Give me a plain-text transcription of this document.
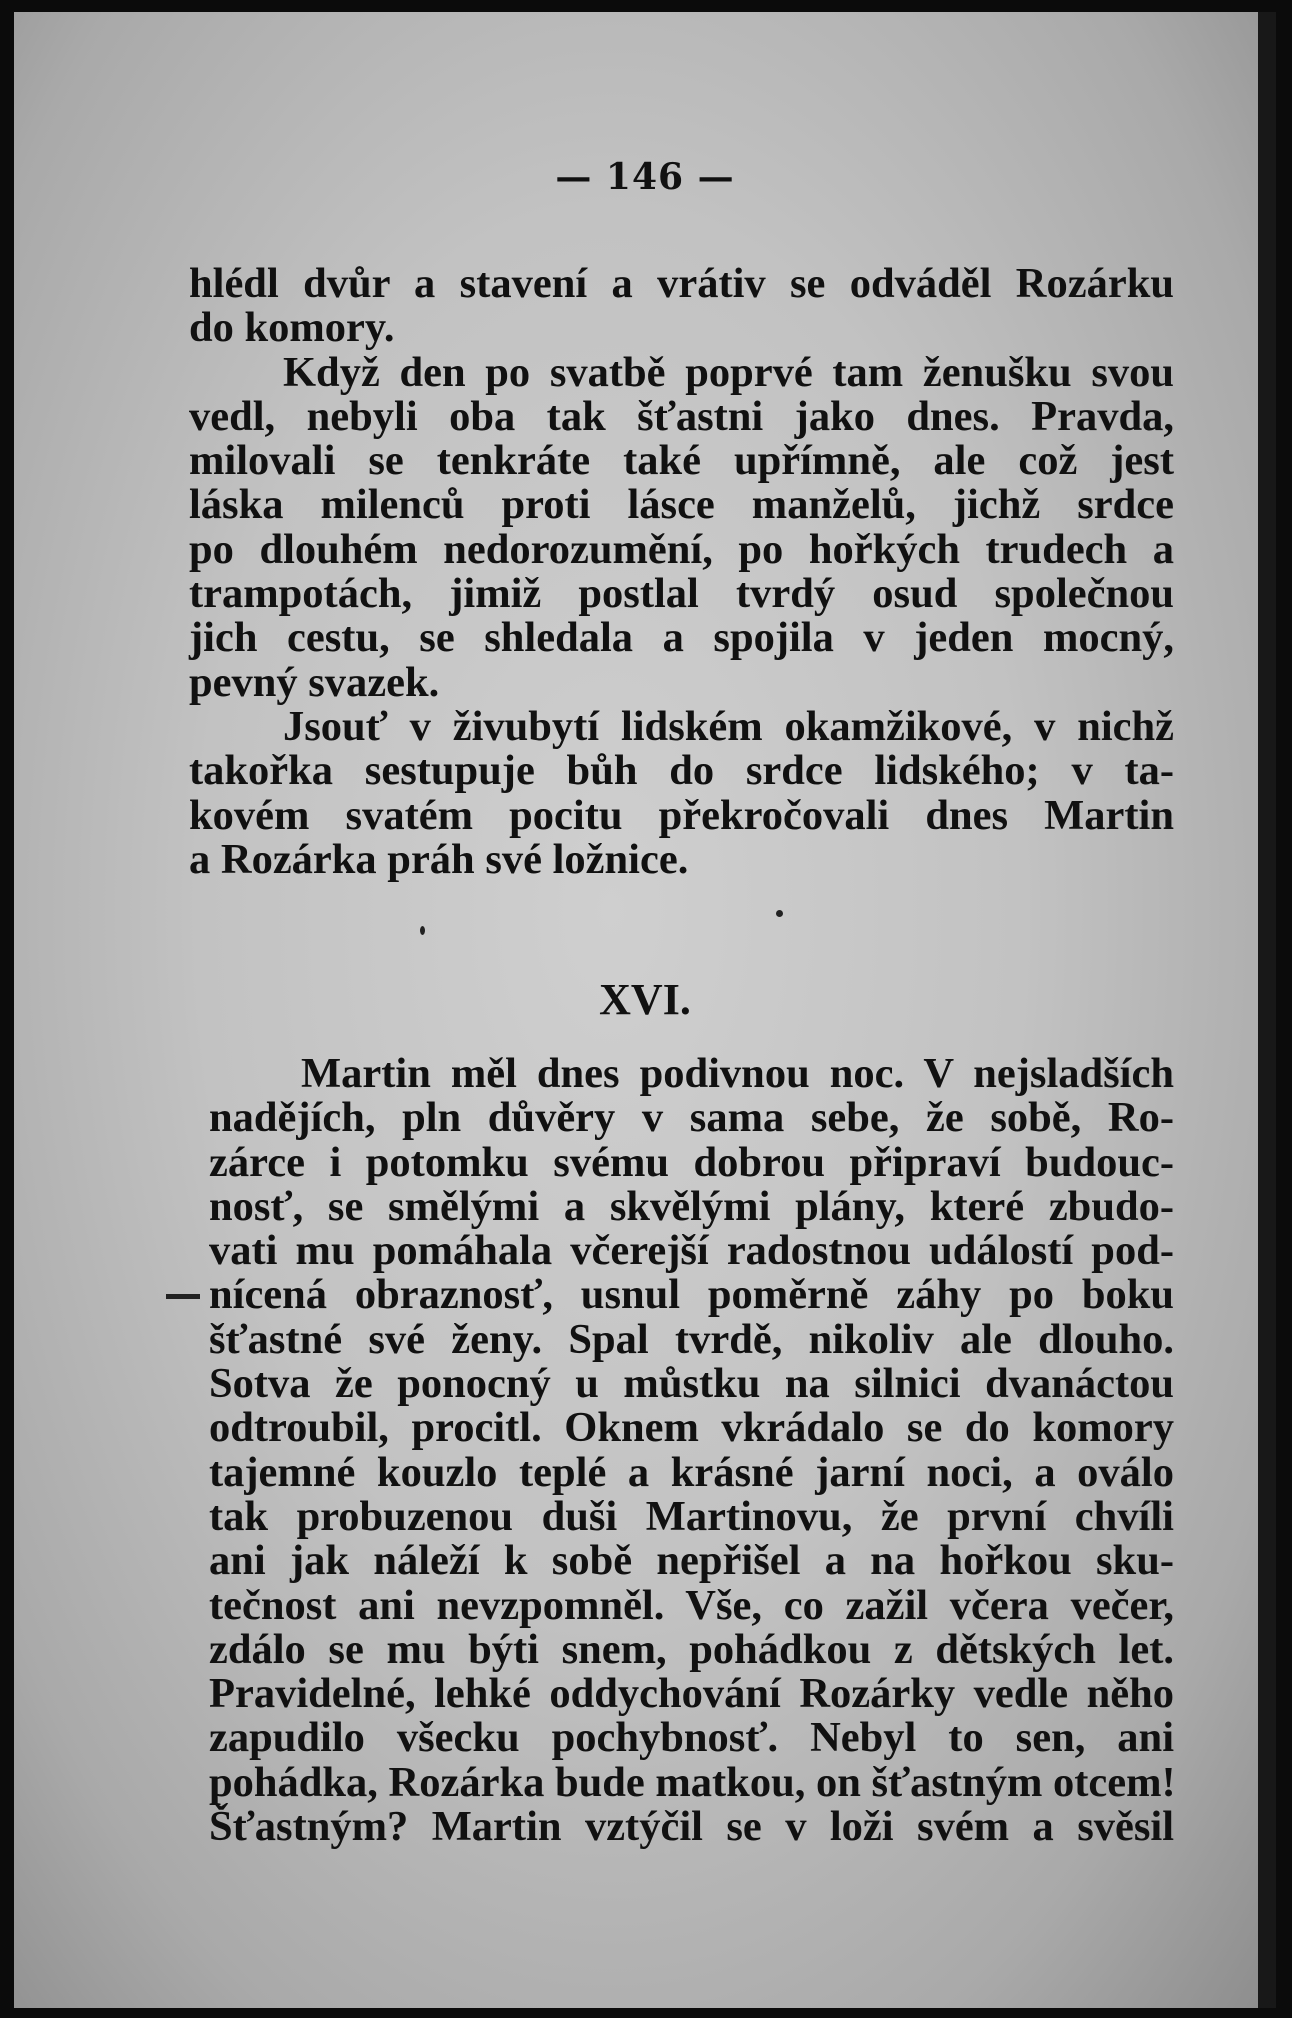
— 146 —
hlédl dvůr a stavení a vrátiv se odváděl Rozárku
do komory.
Když den po svatbě poprvé tam ženušku svou
vedl, nebyli oba tak šťastni jako dnes. Pravda,
milovali se tenkráte také upřímně, ale což jest
láska milenců proti lásce manželů, jichž srdce
po dlouhém nedorozumění, po hořkých trudech a
trampotách, jimiž postlal tvrdý osud společnou
jich cestu, se shledala a spojila v jeden mocný,
pevný svazek.
Jsouť v živubytí lidském okamžikové, v nichž
takořka sestupuje bůh do srdce lidského; v ta-
kovém svatém pocitu překročovali dnes Martin
a Rozárka práh své ložnice.
XVI.
Martin měl dnes podivnou noc. V nejsladších
nadějích, pln důvěry v sama sebe, že sobě, Ro-
zárce i potomku svému dobrou připraví budouc-
nosť, se smělými a skvělými plány, které zbudo-
vati mu pomáhala včerejší radostnou událostí pod-
nícená obraznosť, usnul poměrně záhy po boku
šťastné své ženy. Spal tvrdě, nikoliv ale dlouho.
Sotva že ponocný u můstku na silnici dvanáctou
odtroubil, procitl. Oknem vkrádalo se do komory
tajemné kouzlo teplé a krásné jarní noci, a oválo
tak probuzenou duši Martinovu, že první chvíli
ani jak náleží k sobě nepřišel a na hořkou sku-
tečnost ani nevzpomněl. Vše, co zažil včera večer,
zdálo se mu býti snem, pohádkou z dětských let.
Pravidelné, lehké oddychování Rozárky vedle něho
zapudilo všecku pochybnosť. Nebyl to sen, ani
pohádka, Rozárka bude matkou, on šťastným otcem!
Šťastným? Martin vztýčil se v loži svém a svěsil
